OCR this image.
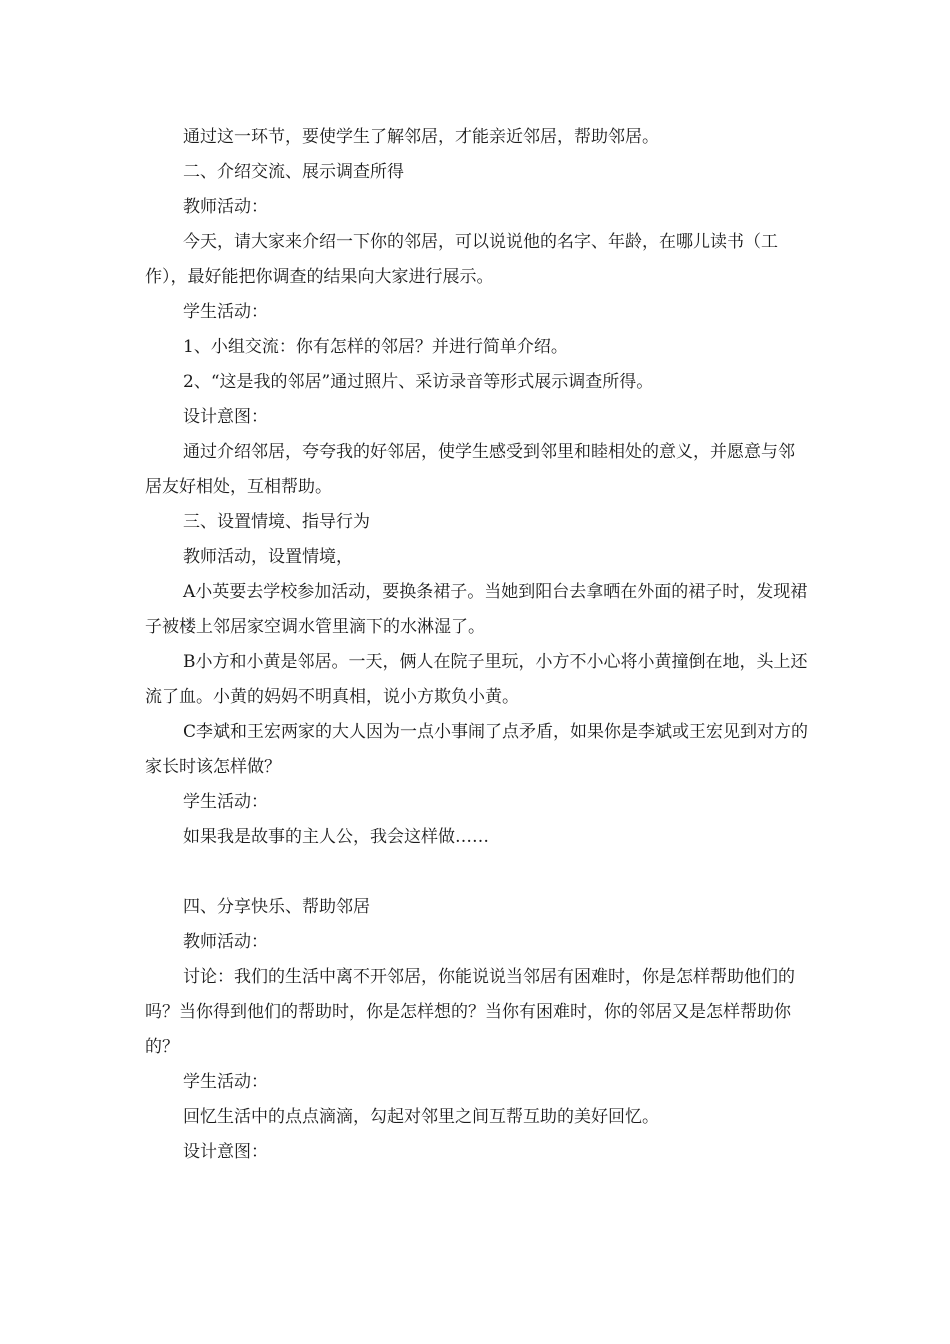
通过这一环节，要使学生了解邻居，才能亲近邻居，帮助邻居。

二、介绍交流、展示调查所得

教师活动：

今天，请大家来介绍一下你的邻居，可以说说他的名字、年龄，在哪儿读书（工作），最好能把你调查的结果向大家进行展示。

学生活动：

1、小组交流：你有怎样的邻居？并进行简单介绍。

2、“这是我的邻居”通过照片、采访录音等形式展示调查所得。

设计意图：

通过介绍邻居，夸夸我的好邻居，使学生感受到邻里和睦相处的意义，并愿意与邻居友好相处，互相帮助。

三、设置情境、指导行为

教师活动，设置情境，

A小英要去学校参加活动，要换条裙子。当她到阳台去拿晒在外面的裙子时，发现裙子被楼上邻居家空调水管里滴下的水淋湿了。

B小方和小黄是邻居。一天，俩人在院子里玩，小方不小心将小黄撞倒在地，头上还流了血。小黄的妈妈不明真相，说小方欺负小黄。

C李斌和王宏两家的大人因为一点小事闹了点矛盾，如果你是李斌或王宏见到对方的家长时该怎样做？

学生活动：

如果我是故事的主人公，我会这样做……

四、分享快乐、帮助邻居

教师活动：

讨论：我们的生活中离不开邻居，你能说说当邻居有困难时，你是怎样帮助他们的吗？当你得到他们的帮助时，你是怎样想的？当你有困难时，你的邻居又是怎样帮助你的？

学生活动：

回忆生活中的点点滴滴，勾起对邻里之间互帮互助的美好回忆。

设计意图：
